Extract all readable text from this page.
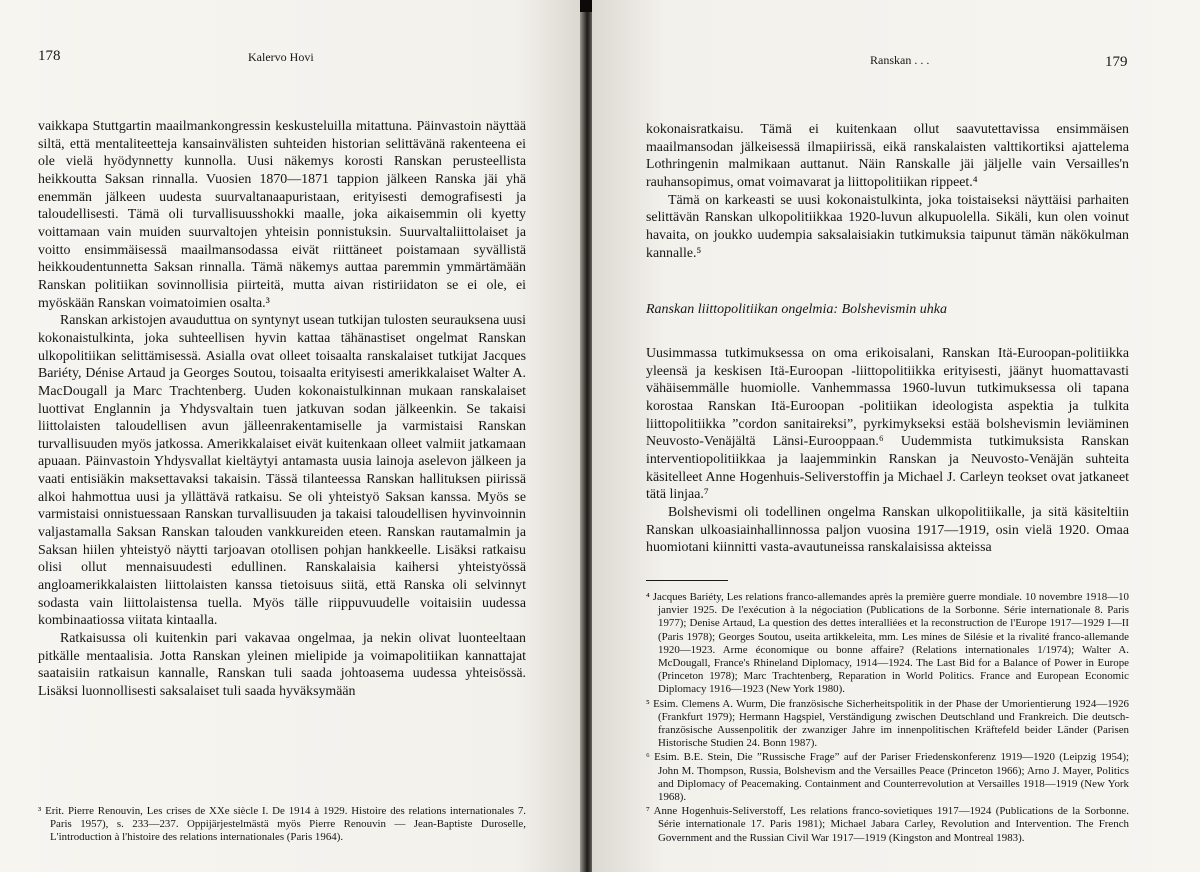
178	Kalervo Hovi

vaikkapa Stuttgartin maailmankongressin keskusteluilla mitattuna. Päinvastoin näyttää siltä, että mentaliteetteja kansainvälisten suhteiden historian selittävänä rakenteena ei ole vielä hyödynnetty kunnolla. Uusi näkemys korosti Ranskan perusteellista heikkoutta Saksan rinnalla. Vuosien 1870—1871 tappion jälkeen Ranska jäi yhä enemmän jälkeen uudesta suurvaltanaapuristaan, erityisesti demografisesti ja taloudellisesti. Tämä oli turvallisuusshokki maalle, joka aikaisemmin oli kyetty voittamaan vain muiden suurvaltojen yhteisin ponnistuksin. Suurvaltaliittolaiset ja voitto ensimmäisessä maailmansodassa eivät riittäneet poistamaan syvällistä heikkoudentunnetta Saksan rinnalla. Tämä näkemys auttaa paremmin ymmärtämään Ranskan politiikan sovinnollisia piirteitä, mutta aivan ristiriidaton se ei ole, ei myöskään Ranskan voimatoimien osalta.³

Ranskan arkistojen avauduttua on syntynyt usean tutkijan tulosten seurauksena uusi kokonaistulkinta, joka suhteellisen hyvin kattaa tähänastiset ongelmat Ranskan ulkopolitiikan selittämisessä. Asialla ovat olleet toisaalta ranskalaiset tutkijat Jacques Bariéty, Dénise Artaud ja Georges Soutou, toisaalta erityisesti amerikkalaiset Walter A. MacDougall ja Marc Trachtenberg. Uuden kokonaistulkinnan mukaan ranskalaiset luottivat Englannin ja Yhdysvaltain tuen jatkuvan sodan jälkeenkin. Se takaisi liittolaisten taloudellisen avun jälleenrakentamiselle ja varmistaisi Ranskan turvallisuuden myös jatkossa. Amerikkalaiset eivät kuitenkaan olleet valmiit jatkamaan apuaan. Päinvastoin Yhdysvallat kieltäytyi antamasta uusia lainoja aselevon jälkeen ja vaati entisiäkin maksettavaksi takaisin. Tässä tilanteessa Ranskan hallituksen piirissä alkoi hahmottua uusi ja yllättävä ratkaisu. Se oli yhteistyö Saksan kanssa. Myös se varmistaisi onnistuessaan Ranskan turvallisuuden ja takaisi taloudellisen hyvinvoinnin valjastamalla Saksan Ranskan talouden vankkureiden eteen. Ranskan rautamalmin ja Saksan hiilen yhteistyö näytti tarjoavan otollisen pohjan hankkeelle. Lisäksi ratkaisu olisi ollut mennaisuudesti edullinen. Ranskalaisia kaihersi yhteistyössä angloamerikkalaisten liittolaisten kanssa tietoisuus siitä, että Ranska oli selvinnyt sodasta vain liittolaistensa tuella. Myös tälle riippuvuudelle voitaisiin uudessa kombinaatiossa viitata kintaalla.

Ratkaisussa oli kuitenkin pari vakavaa ongelmaa, ja nekin olivat luonteeltaan pitkälle mentaalisia. Jotta Ranskan yleinen mielipide ja voimapolitiikan kannattajat saataisiin ratkaisun kannalle, Ranskan tuli saada johtoasema uudessa yhteisössä. Lisäksi luonnollisesti saksalaiset tuli saada hyväksymään

³ Erit. Pierre Renouvin, Les crises de XXe siècle I. De 1914 à 1929. Histoire des relations internationales 7. Paris 1957), s. 233—237. Oppijärjestelmästä myös Pierre Renouvin — Jean-Baptiste Duroselle, L'introduction à l'histoire des relations internationales (Paris 1964).

Ranskan . . .	179

kokonaisratkaisu. Tämä ei kuitenkaan ollut saavutettavissa ensimmäisen maailmansodan jälkeisessä ilmapiirissä, eikä ranskalaisten valttikortiksi ajattelema Lothringenin malmikaan auttanut. Näin Ranskalle jäi jäljelle vain Versailles'n rauhansopimus, omat voimavarat ja liittopolitiikan rippeet.⁴

Tämä on karkeasti se uusi kokonaistulkinta, joka toistaiseksi näyttäisi parhaiten selittävän Ranskan ulkopolitiikkaa 1920-luvun alkupuolella. Sikäli, kun olen voinut havaita, on joukko uudempia saksalaisiakin tutkimuksia taipunut tämän näkökulman kannalle.⁵

Ranskan liittopolitiikan ongelmia: Bolshevismin uhka

Uusimmassa tutkimuksessa on oma erikoisalani, Ranskan Itä-Euroopan-politiikka yleensä ja keskisen Itä-Euroopan -liittopolitiikka erityisesti, jäänyt huomattavasti vähäisemmälle huomiolle. Vanhemmassa 1960-luvun tutkimuksessa oli tapana korostaa Ranskan Itä-Euroopan -politiikan ideologista aspektia ja tulkita liittopolitiikka ”cordon sanitaireksi”, pyrkimykseksi estää bolshevismin leviäminen Neuvosto-Venäjältä Länsi-Eurooppaan.⁶ Uudemmista tutkimuksista Ranskan interventiopolitiikkaa ja laajemminkin Ranskan ja Neuvosto-Venäjän suhteita käsitelleet Anne Hogenhuis-Seliverstoffin ja Michael J. Carleyn teokset ovat jatkaneet tätä linjaa.⁷

Bolshevismi oli todellinen ongelma Ranskan ulkopolitiikalle, ja sitä käsiteltiin Ranskan ulkoasiainhallinnossa paljon vuosina 1917—1919, osin vielä 1920. Omaa huomiotani kiinnitti vasta-avautuneissa ranskalaisissa akteissa

⁴ Jacques Bariéty, Les relations franco-allemandes après la première guerre mondiale. 10 novembre 1918—10 janvier 1925. De l'exécution à la négociation (Publications de la Sorbonne. Série internationale 8. Paris 1977); Denise Artaud, La question des dettes interalliées et la reconstruction de l'Europe 1917—1929 I—II (Paris 1978); Georges Soutou, useita artikkeleita, mm. Les mines de Silésie et la rivalité franco-allemande 1920—1923. Arme économique ou bonne affaire? (Relations internationales 1/1974); Walter A. McDougall, France's Rhineland Diplomacy, 1914—1924. The Last Bid for a Balance of Power in Europe (Princeton 1978); Marc Trachtenberg, Reparation in World Politics. France and European Economic Diplomacy 1916—1923 (New York 1980).

⁵ Esim. Clemens A. Wurm, Die französische Sicherheitspolitik in der Phase der Umorientierung 1924—1926 (Frankfurt 1979); Hermann Hagspiel, Verständigung zwischen Deutschland und Frankreich. Die deutsch-französische Aussenpolitik der zwanziger Jahre im innenpolitischen Kräftefeld beider Länder (Parisen Historische Studien 24. Bonn 1987).

⁶ Esim. B.E. Stein, Die ”Russische Frage” auf der Pariser Friedenskonferenz 1919—1920 (Leipzig 1954); John M. Thompson, Russia, Bolshevism and the Versailles Peace (Princeton 1966); Arno J. Mayer, Politics and Diplomacy of Peacemaking. Containment and Counterrevolution at Versailles 1918—1919 (New York 1968).

⁷ Anne Hogenhuis-Seliverstoff, Les relations franco-sovietiques 1917—1924 (Publications de la Sorbonne. Série internationale 17. Paris 1981); Michael Jabara Carley, Revolution and Intervention. The French Government and the Russian Civil War 1917—1919 (Kingston and Montreal 1983).
